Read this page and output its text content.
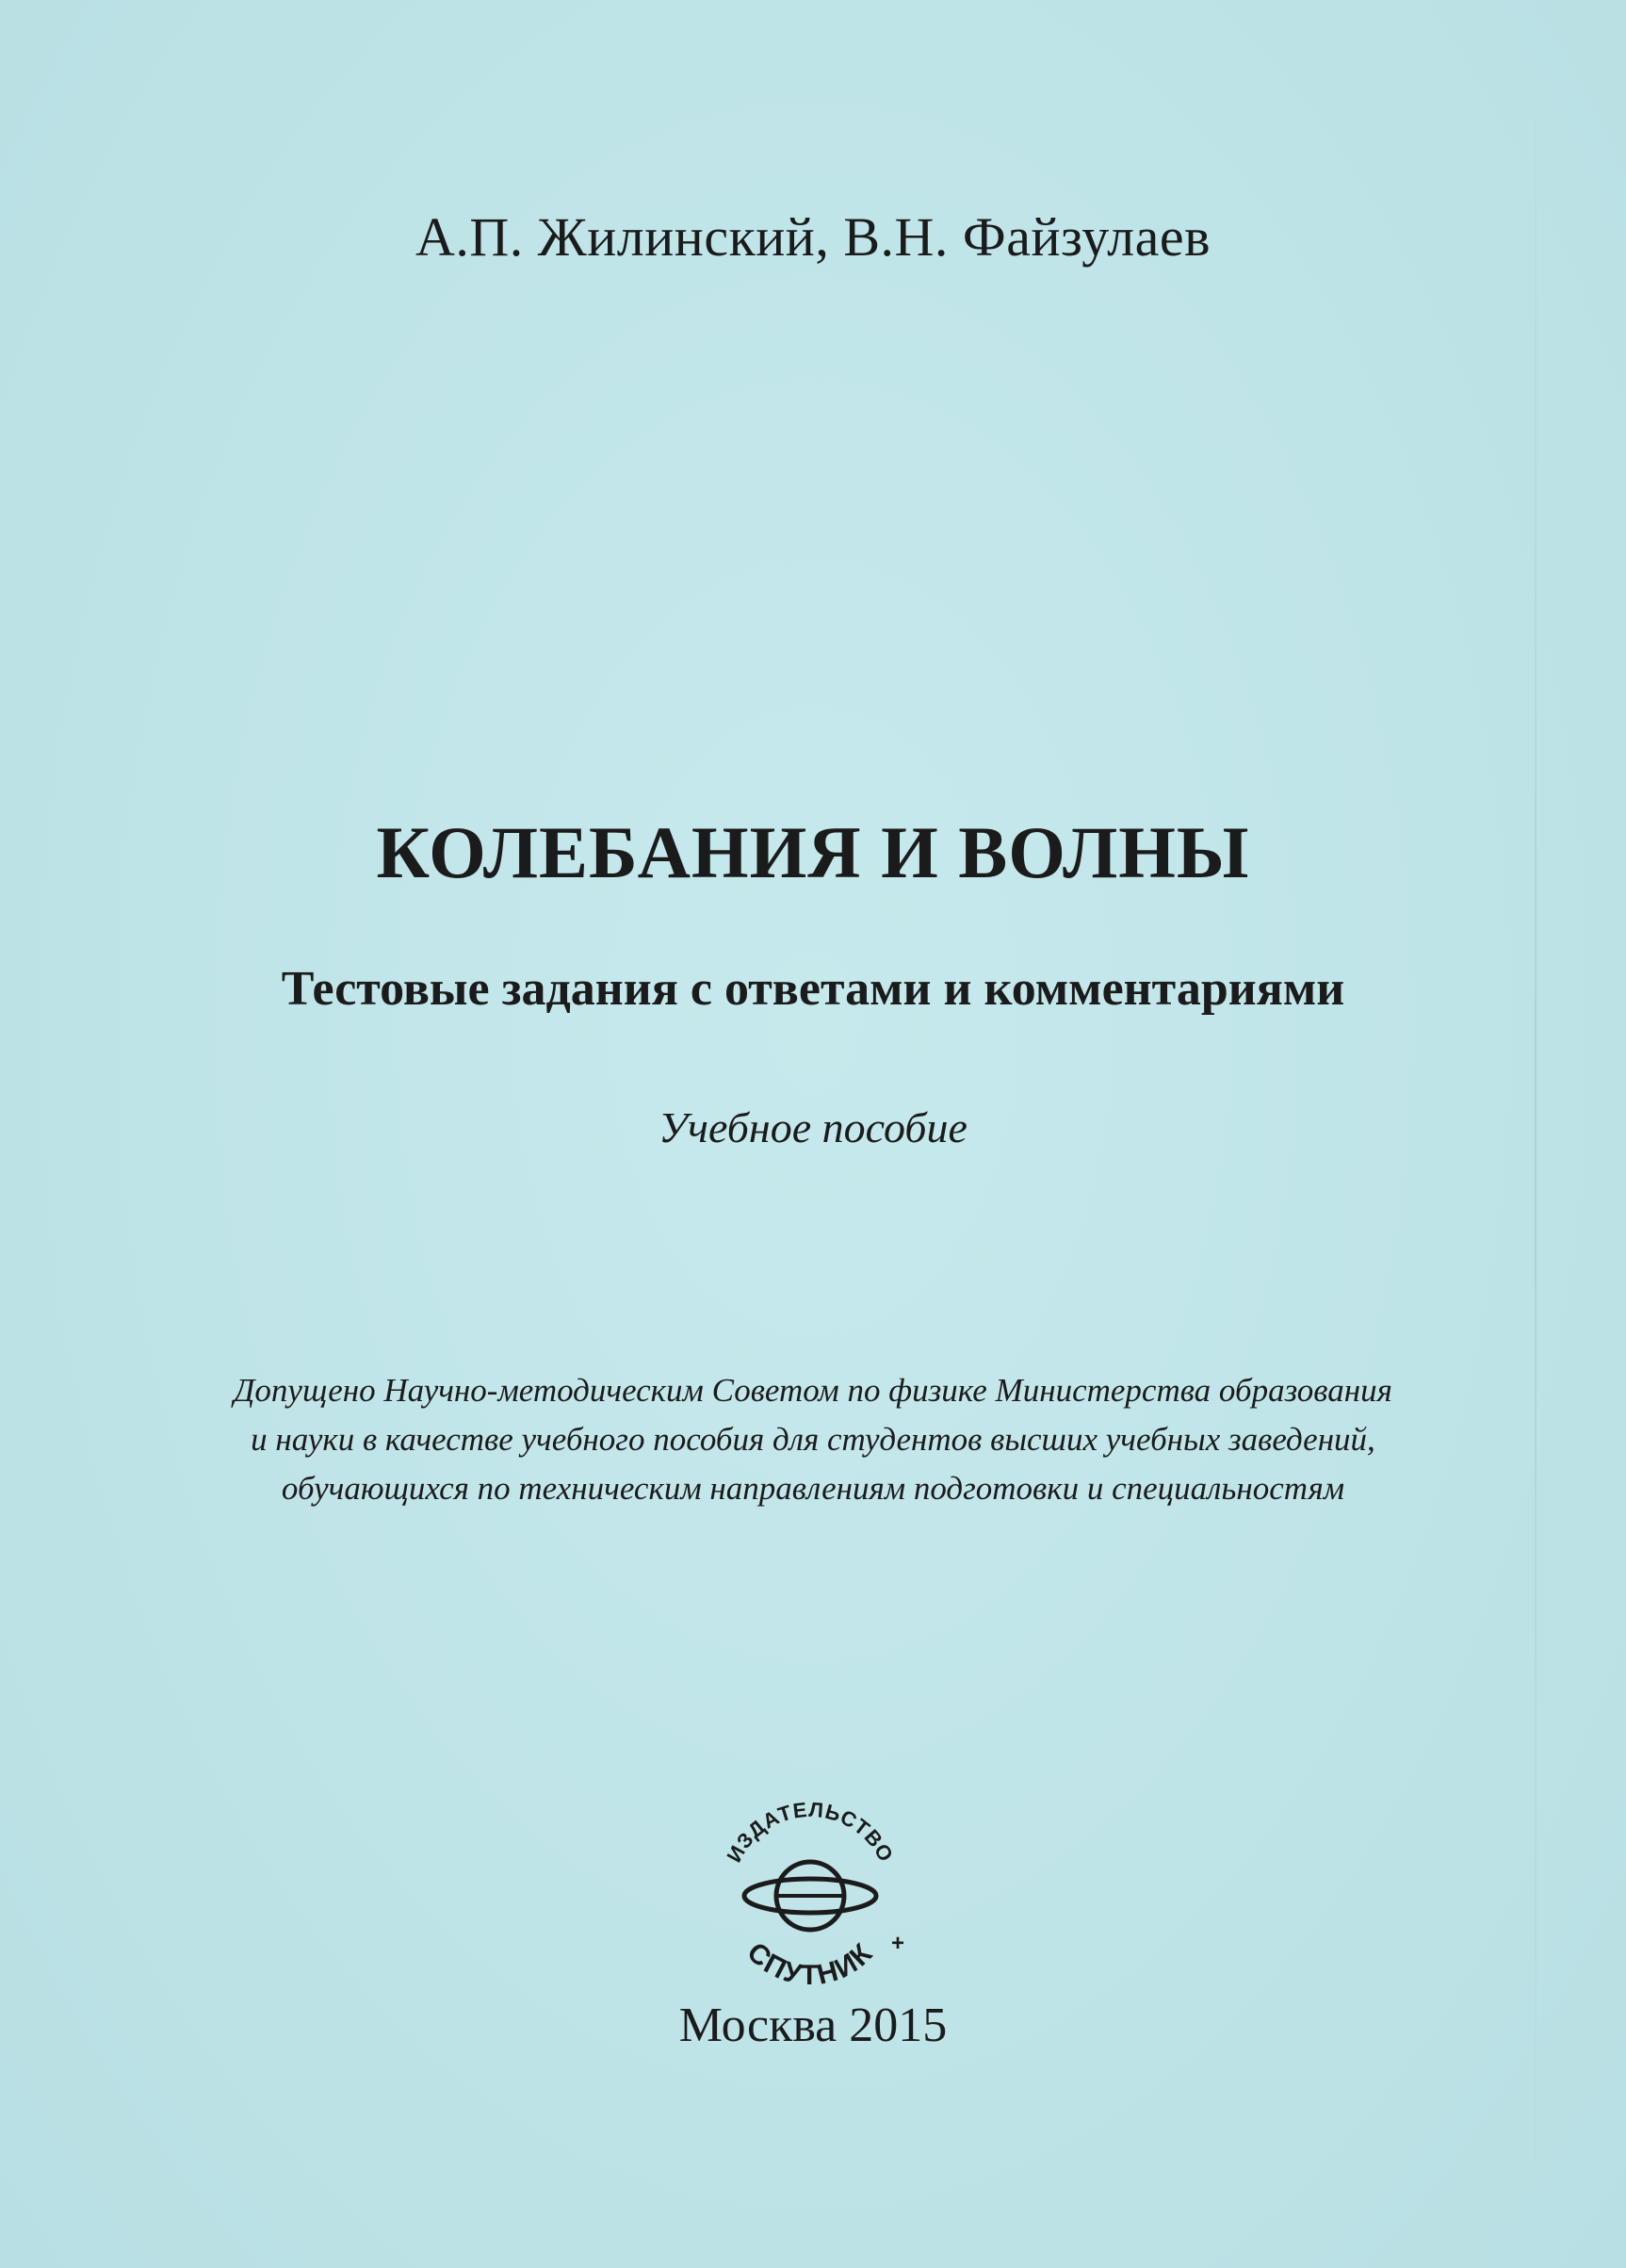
А.П. Жилинский, В.Н. Файзулаев
КОЛЕБАНИЯ И ВОЛНЫ
Тестовые задания с ответами и комментариями
Учебное пособие
Допущено Научно-методическим Советом по физике Министерства образования
и науки в качестве учебного пособия для студентов высших учебных заведений,
обучающихся по техническим направлениям подготовки и специальностям
ИЗДАТЕЛЬСТВО
СПУТНИК +
Москва 2015
